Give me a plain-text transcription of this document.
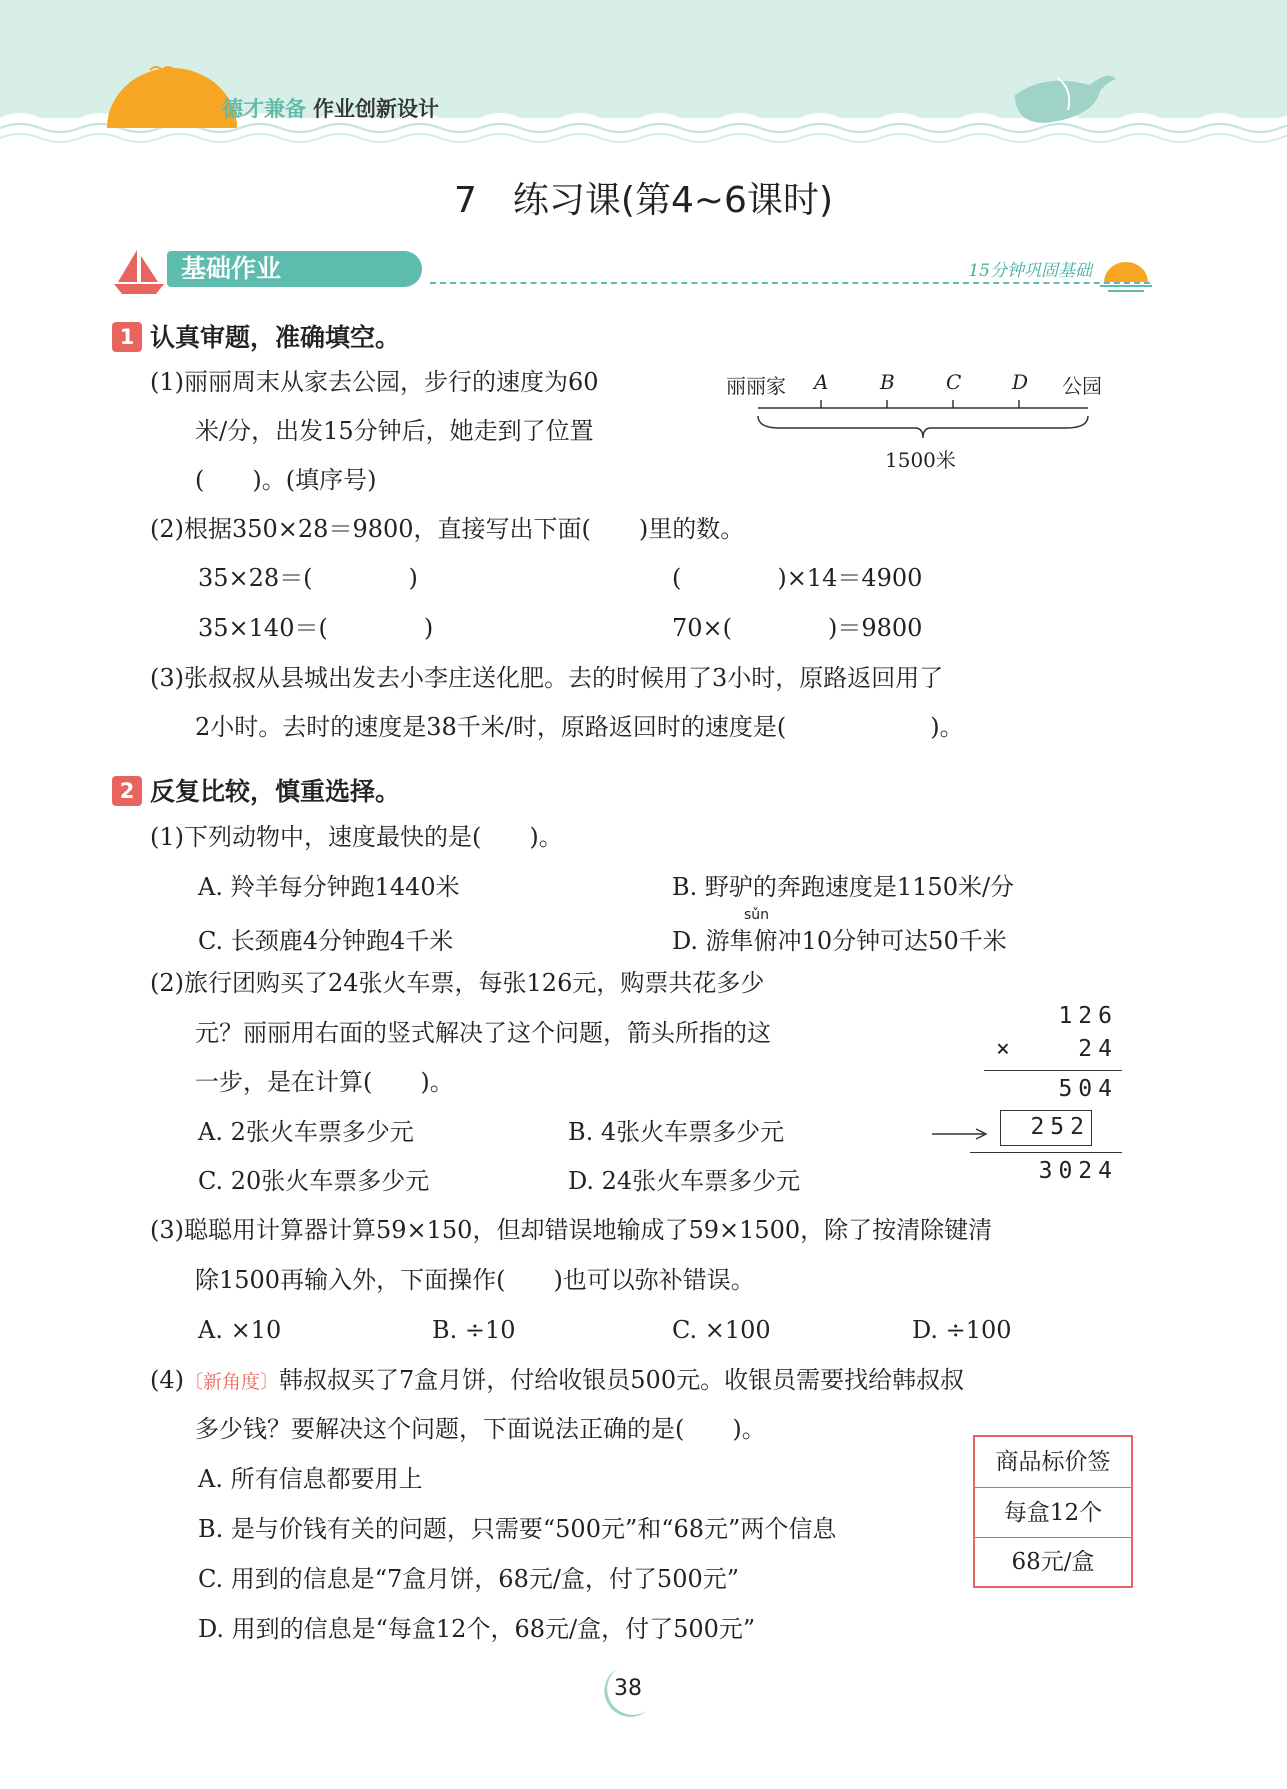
德才兼备 作业创新设计
7　练习课(第4~6课时)
基础作业	15分钟巩固基础
1 认真审题，准确填空。
(1)丽丽周末从家去公园，步行的速度为60
米/分，出发15分钟后，她走到了位置
(　　)。(填序号)
丽丽家 A	B	C	D 公园
1500米
(2)根据350×28＝9800，直接写出下面(　　)里的数。
35×28＝(　　　　)	(　　　　)×14＝4900
35×140＝(　　　　)	70×(　　　　)＝9800
(3)张叔叔从县城出发去小李庄送化肥。去的时候用了3小时，原路返回用了
2小时。去时的速度是38千米/时，原路返回时的速度是(　　　　　　)。
2 反复比较，慎重选择。
(1)下列动物中，速度最快的是(　　)。
A. 羚羊每分钟跑1440米	B. 野驴的奔跑速度是1150米/分
sǔn
C. 长颈鹿4分钟跑4千米	D. 游隼俯冲10分钟可达50千米
(2)旅行团购买了24张火车票，每张126元，购票共花多少
元？丽丽用右面的竖式解决了这个问题，箭头所指的这
一步，是在计算(　　)。
A. 2张火车票多少元	B. 4张火车票多少元
C. 20张火车票多少元	D. 24张火车票多少元
126
×	24
504
252
3024
(3)聪聪用计算器计算59×150，但却错误地输成了59×1500，除了按清除键清
除1500再输入外，下面操作(　　)也可以弥补错误。
A. ×10	B. ÷10	C. ×100	D. ÷100
(4)〔新角度〕韩叔叔买了7盒月饼，付给收银员500元。收银员需要找给韩叔叔
多少钱？要解决这个问题，下面说法正确的是(　　)。
A. 所有信息都要用上
B. 是与价钱有关的问题，只需要“500元”和“68元”两个信息
C. 用到的信息是“7盒月饼，68元/盒，付了500元”
D. 用到的信息是“每盒12个，68元/盒，付了500元”
商品标价签
每盒12个
68元/盒
38
